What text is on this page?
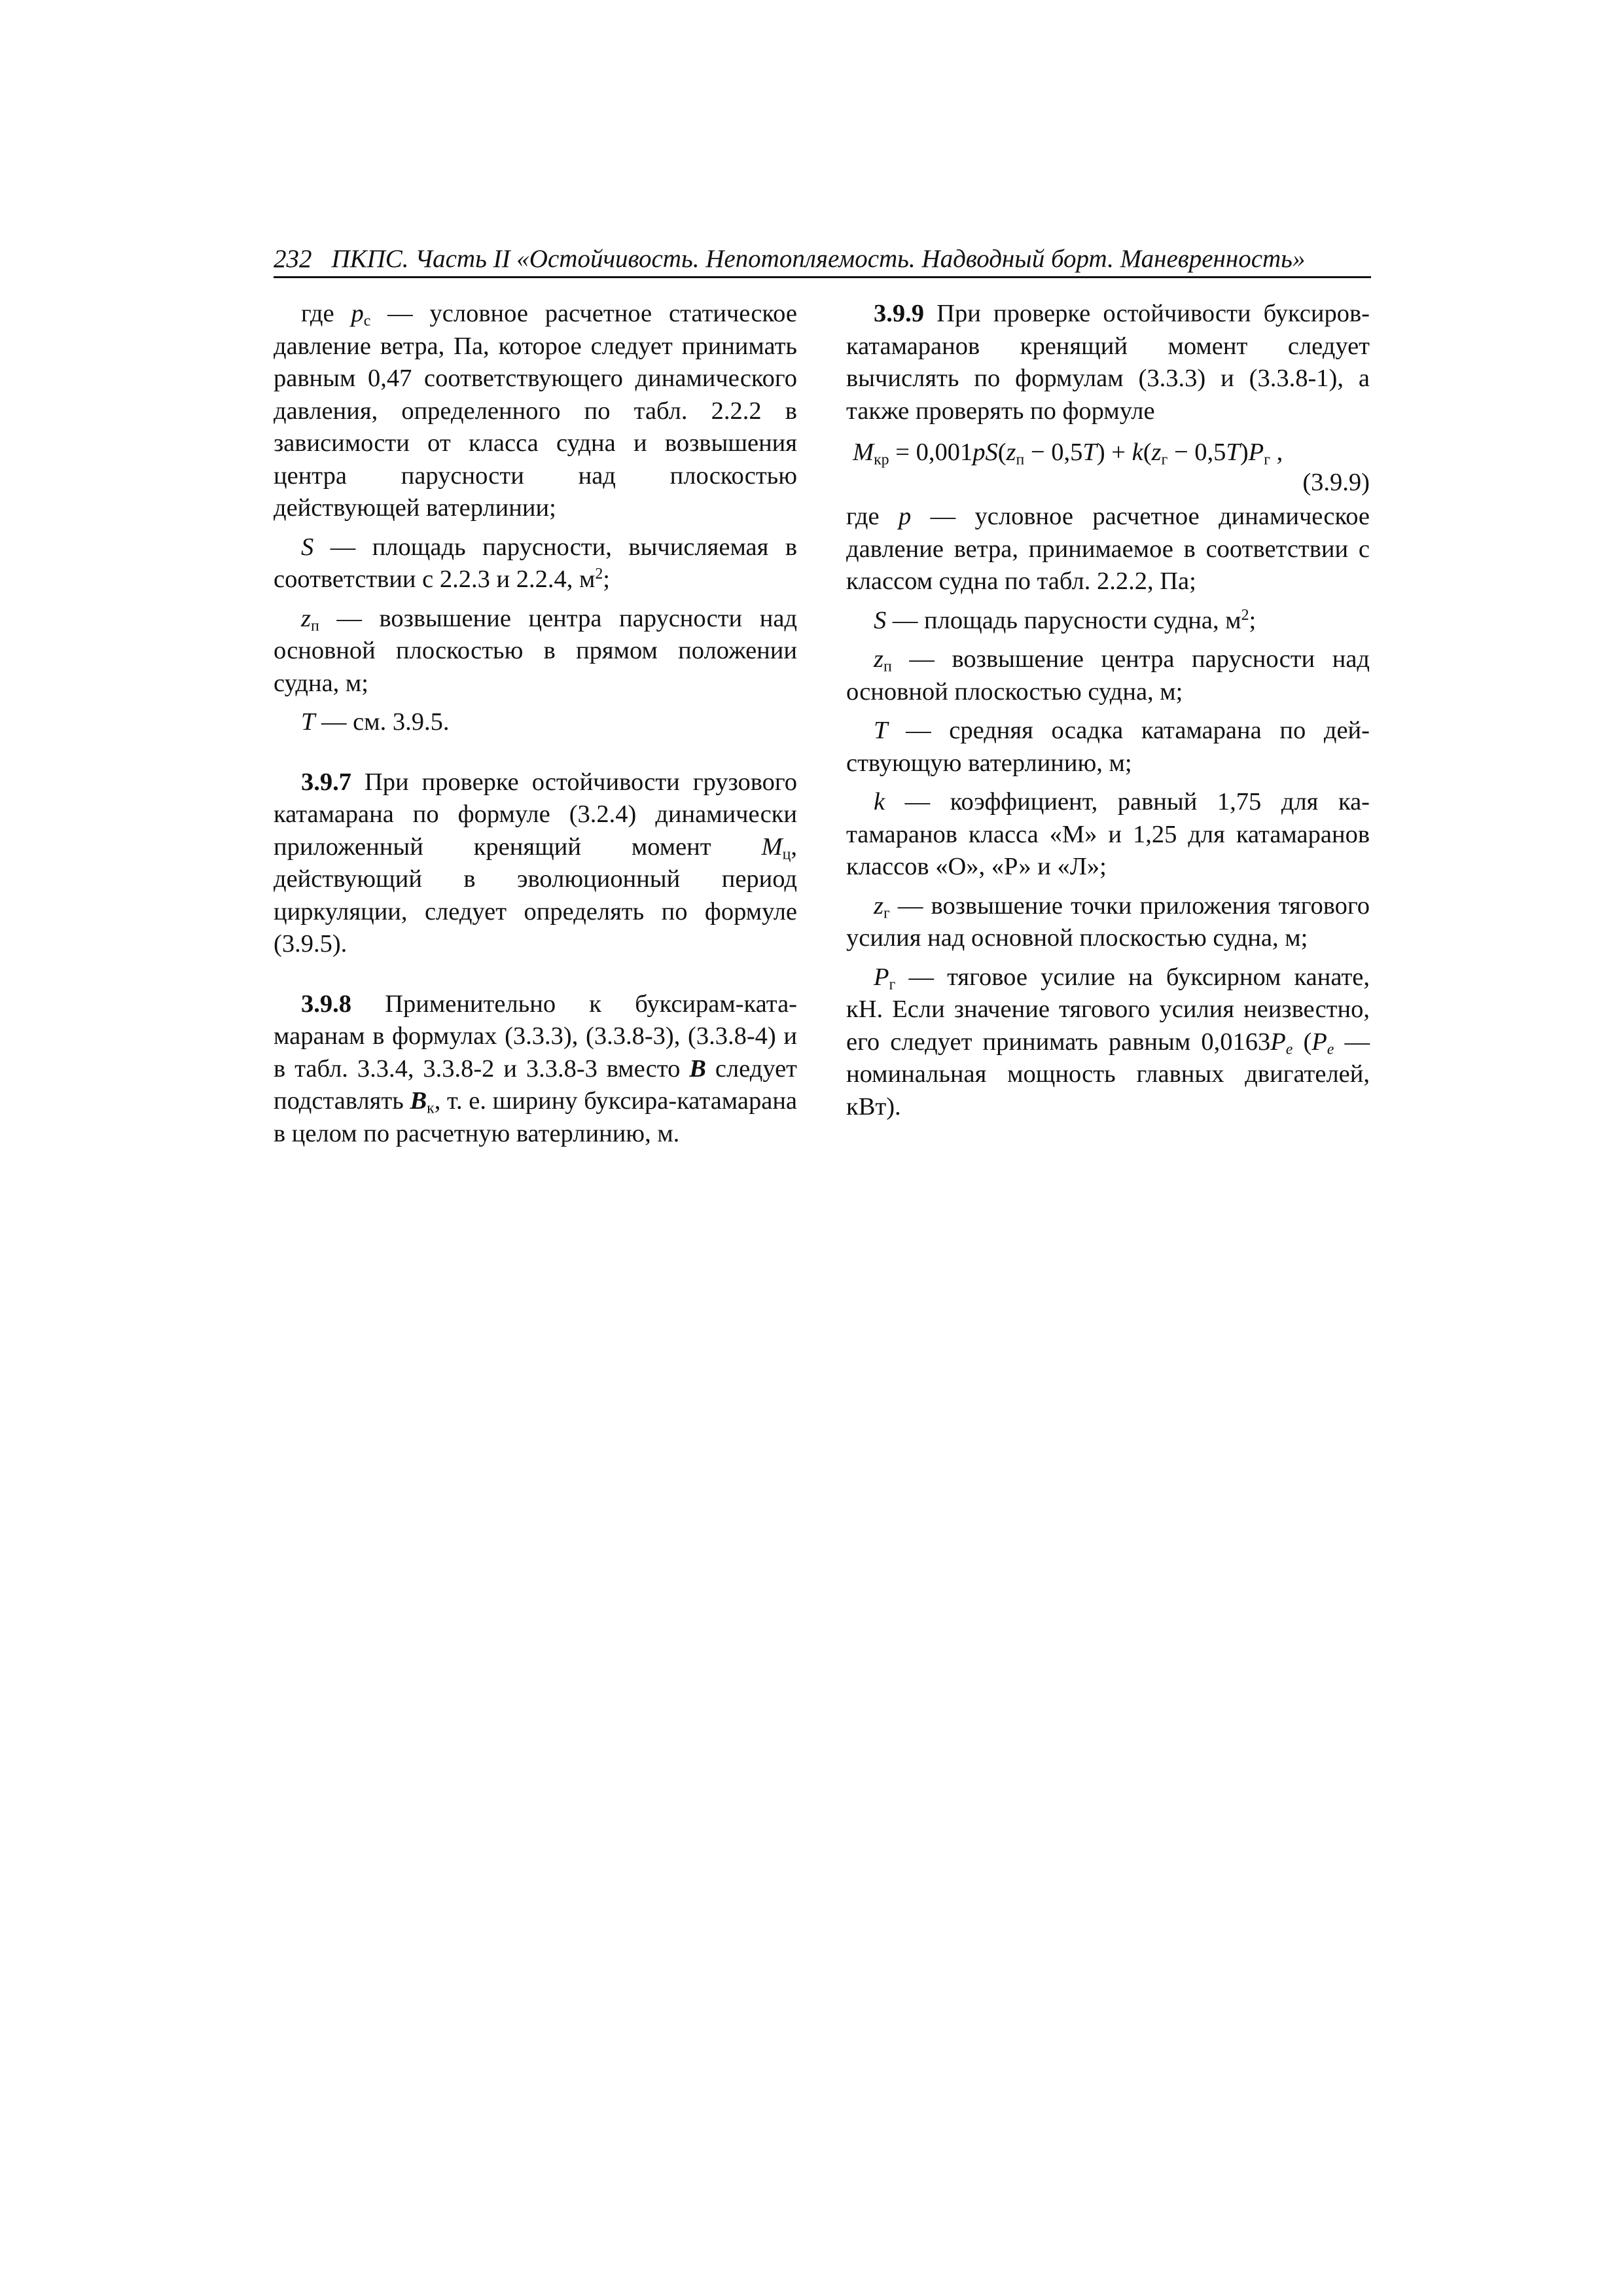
232 ПКПС. Часть II «Остойчивость. Непотопляемость. Надводный борт. Маневренность»

где $p_с$ — условное расчетное статическое давление ветра, Па, которое следует принимать равным 0,47 соответствующего динамического давления, определенного по табл. 2.2.2 в зависимости от класса судна и возвышения центра парусности над плоскостью действующей ватерлинии;

S — площадь парусности, вычисляемая в соответствии с 2.2.3 и 2.2.4, $м^2$;

$z_п$ — возвышение центра парусности над основной плоскостью в прямом положении судна, м;

T — см. 3.9.5.

3.9.7 При проверке остойчивости грузового катамарана по формуле (3.2.4) динамически приложенный кренящий момент $M_ц$, действующий в эволюционный период циркуляции, следует определять по формуле (3.9.5).

3.9.8 Применительно к буксирам-катамаранам в формулах (3.3.3), (3.3.8-3), (3.3.8-4) и в табл. 3.3.4, 3.3.8-2 и 3.3.8-3 вместо B следует подставлять $B_к$, т. е. ширину буксира-катамарана в целом по расчетную ватерлинию, м.

3.9.9 При проверке остойчивости буксиров-катамаранов кренящий момент следует вычислять по формулам (3.3.3) и (3.3.8-1), а также проверять по формуле

$M_{кр} = 0,001pS(z_п - 0,5T) + k(z_г - 0,5T)P_г$ ,
(3.9.9)

где p — условное расчетное динамическое давление ветра, принимаемое в соответствии с классом судна по табл. 2.2.2, Па;

S — площадь парусности судна, $м^2$;

$z_п$ — возвышение центра парусности над основной плоскостью судна, м;

T — средняя осадка катамарана по действующую ватерлинию, м;

k — коэффициент, равный 1,75 для катамаранов класса «М» и 1,25 для катамаранов классов «О», «Р» и «Л»;

$z_г$ — возвышение точки приложения тягового усилия над основной плоскостью судна, м;

$P_г$ — тяговое усилие на буксирном канате, кН. Если значение тягового усилия неизвестно, его следует принимать равным $0,0163P_e$ ($P_e$ — номинальная мощность главных двигателей, кВт).
